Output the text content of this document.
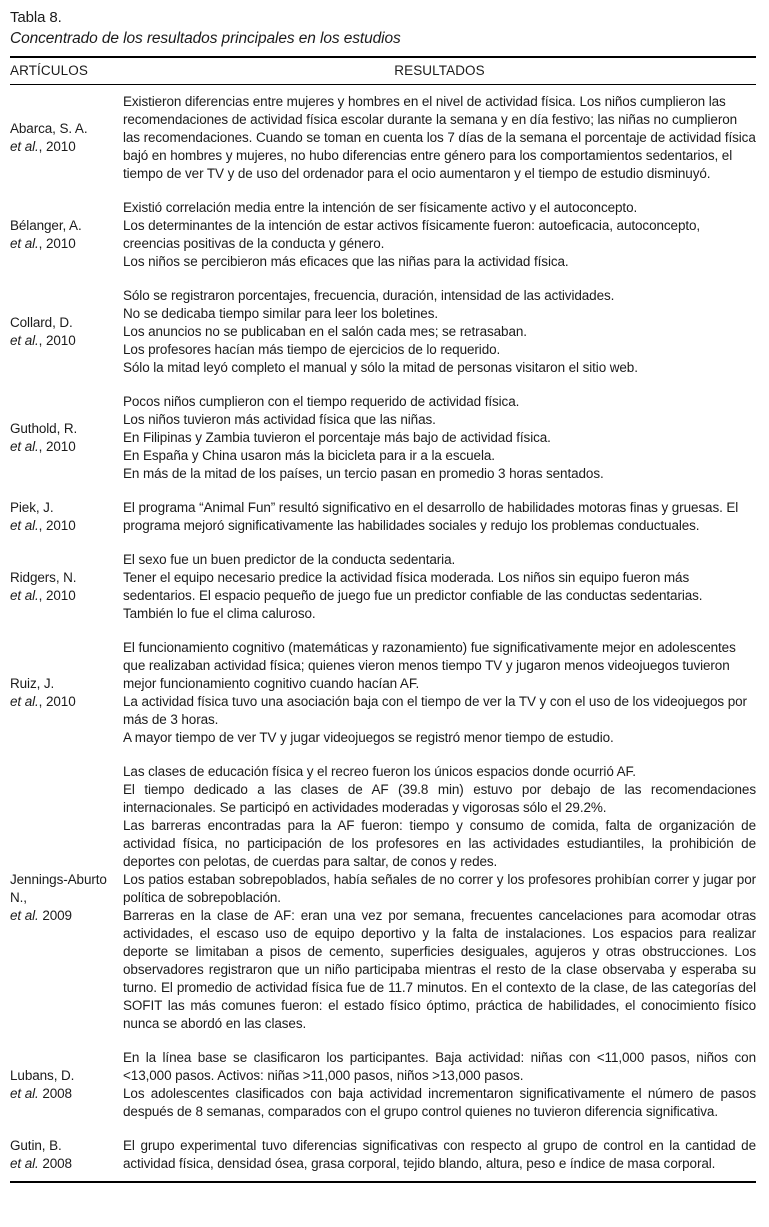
Tabla 8.
Concentrado de los resultados principales en los estudios
ARTÍCULOS	RESULTADOS
Abarca, S. A.
et al., 2010

Existieron diferencias entre mujeres y hombres en el nivel de actividad física. Los niños cumplieron las recomendaciones de actividad física escolar durante la semana y en día festivo; las niñas no cumplieron las recomendaciones. Cuando se toman en cuenta los 7 días de la semana el porcentaje de actividad física bajó en hombres y mujeres, no hubo diferencias entre género para los comportamientos sedentarios, el tiempo de ver TV y de uso del ordenador para el ocio aumentaron y el tiempo de estudio disminuyó.

Bélanger, A.
et al., 2010

Existió correlación media entre la intención de ser físicamente activo y el autoconcepto.

Los determinantes de la intención de estar activos físicamente fueron: autoeficacia, autoconcepto, creencias positivas de la conducta y género.

Los niños se percibieron más eficaces que las niñas para la actividad física.

Collard, D.
et al., 2010

Sólo se registraron porcentajes, frecuencia, duración, intensidad de las actividades.

No se dedicaba tiempo similar para leer los boletines.

Los anuncios no se publicaban en el salón cada mes; se retrasaban.

Los profesores hacían más tiempo de ejercicios de lo requerido.

Sólo la mitad leyó completo el manual y sólo la mitad de personas visitaron el sitio web.

Guthold, R.
et al., 2010

Pocos niños cumplieron con el tiempo requerido de actividad física.

Los niños tuvieron más actividad física que las niñas.

En Filipinas y Zambia tuvieron el porcentaje más bajo de actividad física.

En España y China usaron más la bicicleta para ir a la escuela.

En más de la mitad de los países, un tercio pasan en promedio 3 horas sentados.

Piek, J.
et al., 2010

El programa “Animal Fun” resultó significativo en el desarrollo de habilidades motoras finas y gruesas. El programa mejoró significativamente las habilidades sociales y redujo los problemas conductuales.

Ridgers, N.
et al., 2010

El sexo fue un buen predictor de la conducta sedentaria.

Tener el equipo necesario predice la actividad física moderada. Los niños sin equipo fueron más sedentarios. El espacio pequeño de juego fue un predictor confiable de las conductas sedentarias. También lo fue el clima caluroso.

Ruiz, J.
et al., 2010

El funcionamiento cognitivo (matemáticas y razonamiento) fue significativamente mejor en adolescentes que realizaban actividad física; quienes vieron menos tiempo TV y jugaron menos videojuegos tuvieron mejor funcionamiento cognitivo cuando hacían AF.

La actividad física tuvo una asociación baja con el tiempo de ver la TV y con el uso de los videojuegos por más de 3 horas.

A mayor tiempo de ver TV y jugar videojuegos se registró menor tiempo de estudio.

Jennings-Aburto N.,
et al. 2009

Las clases de educación física y el recreo fueron los únicos espacios donde ocurrió AF.

El tiempo dedicado a las clases de AF (39.8 min) estuvo por debajo de las recomendaciones internacionales. Se participó en actividades moderadas y vigorosas sólo el 29.2%.

Las barreras encontradas para la AF fueron: tiempo y consumo de comida, falta de organización de actividad física, no participación de los profesores en las actividades estudiantiles, la prohibición de deportes con pelotas, de cuerdas para saltar, de conos y redes.

Los patios estaban sobrepoblados, había señales de no correr y los profesores prohibían correr y jugar por política de sobrepoblación.

Barreras en la clase de AF: eran una vez por semana, frecuentes cancelaciones para acomodar otras actividades, el escaso uso de equipo deportivo y la falta de instalaciones. Los espacios para realizar deporte se limitaban a pisos de cemento, superficies desiguales, agujeros y otras obstrucciones. Los observadores registraron que un niño participaba mientras el resto de la clase observaba y esperaba su turno. El promedio de actividad física fue de 11.7 minutos. En el contexto de la clase, de las categorías del SOFIT las más comunes fueron: el estado físico óptimo, práctica de habilidades, el conocimiento físico nunca se abordó en las clases.

Lubans, D.
et al. 2008

En la línea base se clasificaron los participantes. Baja actividad: niñas con <11,000 pasos, niños con <13,000 pasos. Activos: niñas >11,000 pasos, niños >13,000 pasos.

Los adolescentes clasificados con baja actividad incrementaron significativamente el número de pasos después de 8 semanas, comparados con el grupo control quienes no tuvieron diferencia significativa.

Gutin, B.
et al. 2008

El grupo experimental tuvo diferencias significativas con respecto al grupo de control en la cantidad de actividad física, densidad ósea, grasa corporal, tejido blando, altura, peso e índice de masa corporal.
